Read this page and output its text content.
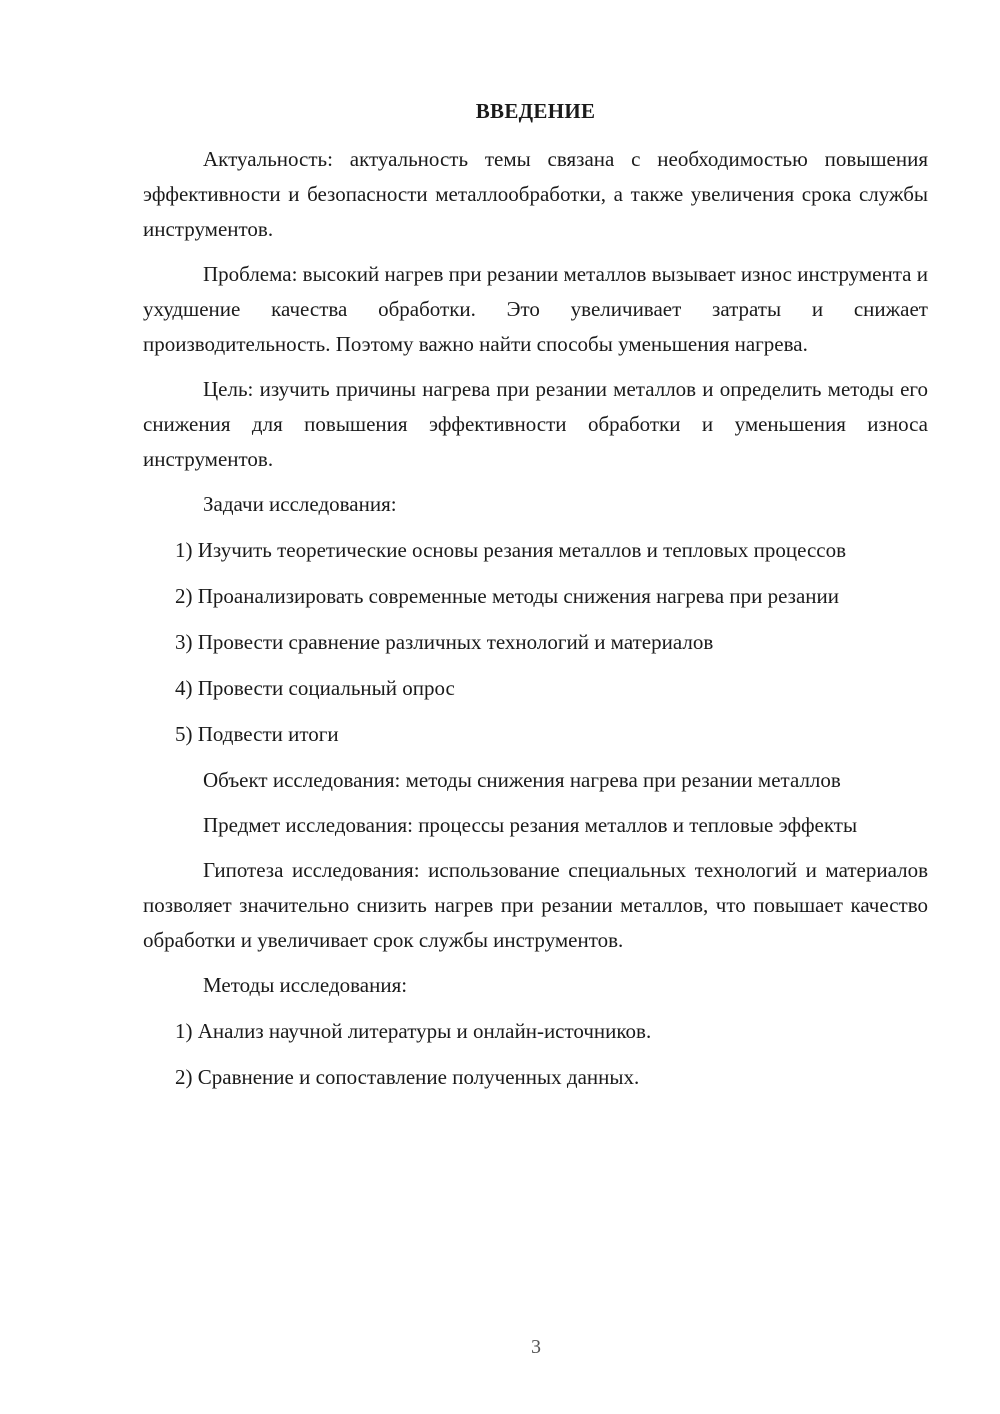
ВВЕДЕНИЕ

Актуальность: актуальность темы связана с необходимостью повышения эффективности и безопасности металлообработки, а также увеличения срока службы инструментов.

Проблема: высокий нагрев при резании металлов вызывает износ инструмента и ухудшение качества обработки. Это увеличивает затраты и снижает производительность. Поэтому важно найти способы уменьшения нагрева.

Цель: изучить причины нагрева при резании металлов и определить методы его снижения для повышения эффективности обработки и уменьшения износа инструментов.

Задачи исследования:

1) Изучить теоретические основы резания металлов и тепловых процессов

2) Проанализировать современные методы снижения нагрева при резании

3) Провести сравнение различных технологий и материалов

4) Провести социальный опрос

5) Подвести итоги

Объект исследования: методы снижения нагрева при резании металлов

Предмет исследования: процессы резания металлов и тепловые эффекты

Гипотеза исследования: использование специальных технологий и материалов позволяет значительно снизить нагрев при резании металлов, что повышает качество обработки и увеличивает срок службы инструментов.

Методы исследования:

1) Анализ научной литературы и онлайн-источников.

2) Сравнение и сопоставление полученных данных.

3
